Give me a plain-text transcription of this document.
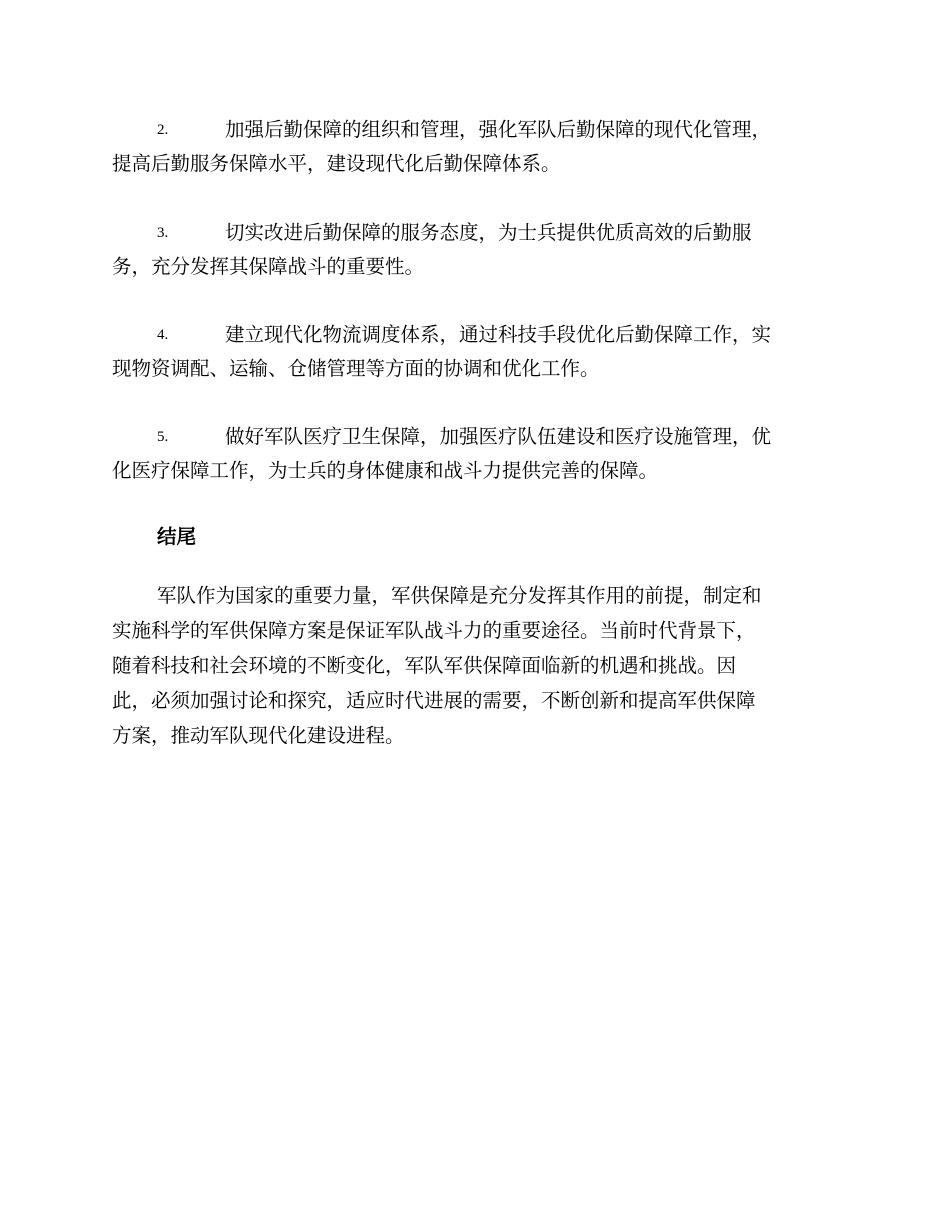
2.	加强后勤保障的组织和管理，强化军队后勤保障的现代化管理，
提高后勤服务保障水平，建设现代化后勤保障体系。
3.	切实改进后勤保障的服务态度，为士兵提供优质高效的后勤服
务，充分发挥其保障战斗的重要性。
4.	建立现代化物流调度体系，通过科技手段优化后勤保障工作，实
现物资调配、运输、仓储管理等方面的协调和优化工作。
5.	做好军队医疗卫生保障，加强医疗队伍建设和医疗设施管理，优
化医疗保障工作，为士兵的身体健康和战斗力提供完善的保障。
结尾
军队作为国家的重要力量，军供保障是充分发挥其作用的前提，制定和
实施科学的军供保障方案是保证军队战斗力的重要途径。当前时代背景下，
随着科技和社会环境的不断变化，军队军供保障面临新的机遇和挑战。因
此，必须加强讨论和探究，适应时代进展的需要，不断创新和提高军供保障
方案，推动军队现代化建设进程。
